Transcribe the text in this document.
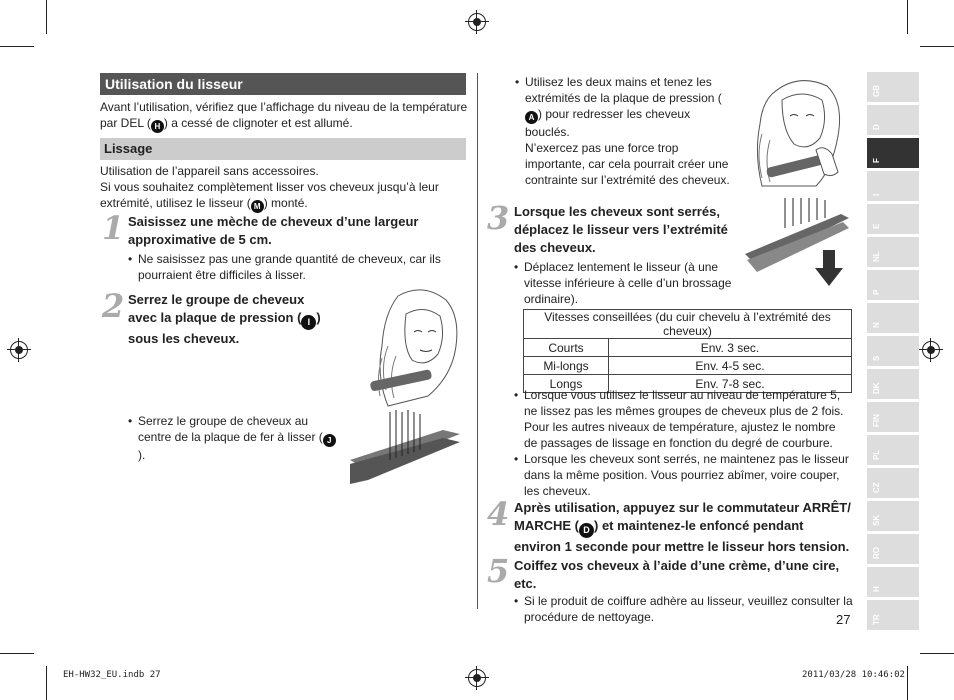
Utilisation du lisseur

Avant l’utilisation, vérifiez que l’affichage du niveau de la température par DEL ( H ) a cessé de clignoter et est allumé.

Lissage

Utilisation de l’appareil sans accessoires.

Si vous souhaitez complètement lisser vos cheveux jusqu’à leur extrémité, utilisez le lisseur ( M ) monté.

1 Saisissez une mèche de cheveux d’une largeur approximative de 5 cm.

• Ne saisissez pas une grande quantité de cheveux, car ils pourraient être difficiles à lisser.

2 Serrez le groupe de cheveux avec la plaque de pression ( I ) sous les cheveux.

• Serrez le groupe de cheveux au centre de la plaque de fer à lisser ( J).

• Utilisez les deux mains et tenez les extrémités de la plaque de pression (A ) pour redresser les cheveux bouclés.

N’exercez pas une force trop importante, car cela pourrait créer une contrainte sur l’extrémité des cheveux.

3 Lorsque les cheveux sont serrés, déplacez le lisseur vers l’extrémité des cheveux.

• Déplacez lentement le lisseur (à une vitesse inférieure à celle d’un brossage ordinaire).

Vitesses conseillées (du cuir chevelu à l’extrémité des cheveux)	
Courts	Env. 3 sec.
Mi-longs	Env. 4-5 sec.
Longs	Env. 7-8 sec.

• Lorsque vous utilisez le lisseur au niveau de température 5, ne lissez pas les mêmes groupes de cheveux plus de 2 fois. Pour les autres niveaux de température, ajustez le nombre de passages de lissage en fonction du degré de courbure.

• Lorsque les cheveux sont serrés, ne maintenez pas le lisseur dans la même position. Vous pourriez abîmer, voire couper, les cheveux.

4 Après utilisation, appuyez sur le commutateur ARRÊT/ MARCHE ( D ) et maintenez-le enfoncé pendant environ 1 seconde pour mettre le lisseur hors tension.

5 Coiffez vos cheveux à l’aide d’une crème, d’une cire, etc.

• Si le produit de coiffure adhère au lisseur, veuillez consulter la procédure de nettoyage.

GB
D
F
I
E
NL
P
N
S
DK
FIN
PL
CZ
SK
RO
H
TR
27
EH-HW32_EU.indb 27	2011/03/28 10:46:02
